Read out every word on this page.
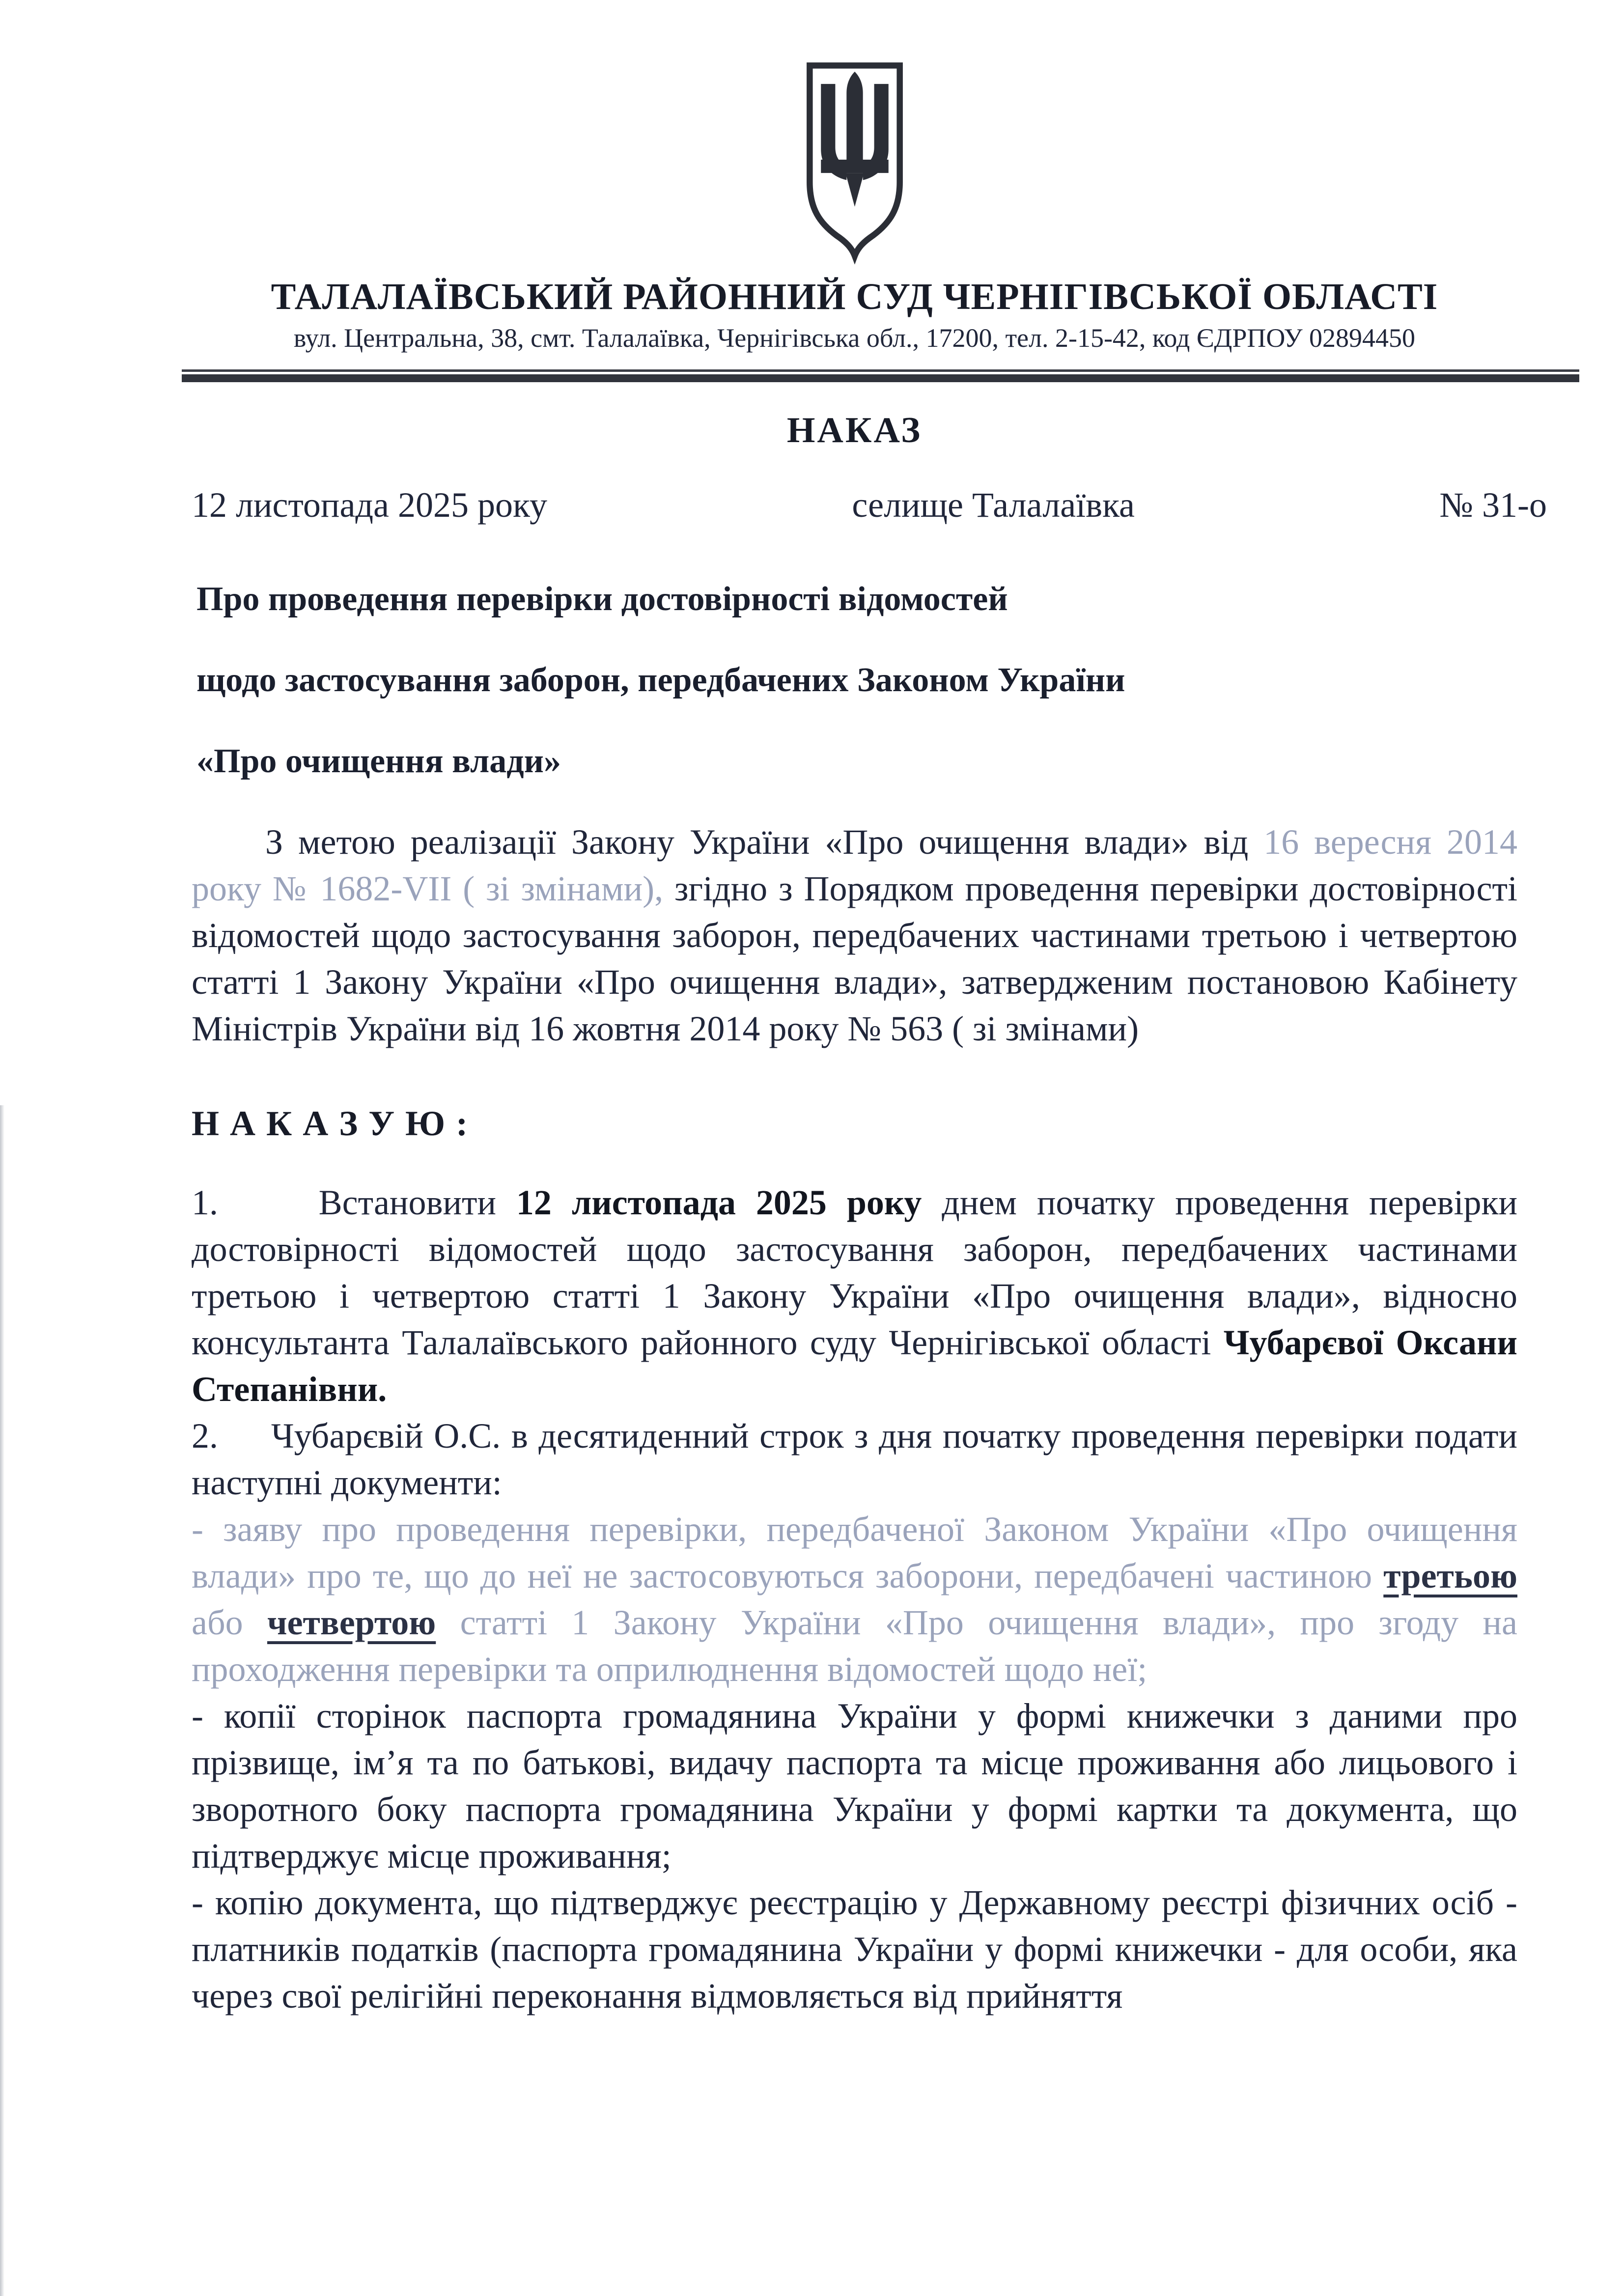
ТАЛАЛАЇВСЬКИЙ РАЙОННИЙ СУД ЧЕРНІГІВСЬКОЇ ОБЛАСТІ
вул. Центральна, 38, смт. Талалаївка, Чернігівська обл., 17200, тел. 2-15-42, код ЄДРПОУ 02894450
НАКАЗ
12 листопада 2025 року	селище Талалаївка	№ 31-о

Про проведення перевірки достовірності відомостей

щодо застосування заборон, передбачених Законом України

«Про очищення влади»

З метою реалізації Закону України «Про очищення влади» від 16 вересня 2014 року № 1682-VII ( зі змінами), згідно з Порядком проведення перевірки достовірності відомостей щодо застосування заборон, передбачених частинами третьою і четвертою статті 1 Закону України «Про очищення влади», затвердженим постановою Кабінету Міністрів України від 16 жовтня 2014 року № 563 ( зі змінами)

Н А К А З У Ю :

1.     Встановити 12 листопада 2025 року днем початку проведення перевірки достовірності відомостей щодо застосування заборон, передбачених частинами третьою і четвертою статті 1 Закону України «Про очищення влади», відносно консультанта Талалаївського районного суду Чернігівської області Чубарєвої Оксани Степанівни.

2.     Чубарєвій О.С. в десятиденний строк з дня початку проведення перевірки подати наступні документи:

- заяву про проведення перевірки, передбаченої Законом України «Про очищення влади» про те, що до неї не застосовуються заборони, передбачені частиною третьою або четвертою статті 1 Закону України «Про очищення влади», про згоду на проходження перевірки та оприлюднення відомостей щодо неї;

- копії сторінок паспорта громадянина України у формі книжечки з даними про прізвище, ім’я та по батькові, видачу паспорта та місце проживання або лицьового і зворотного боку паспорта громадянина України у формі картки та документа, що підтверджує місце проживання;

- копію документа, що підтверджує реєстрацію у Державному реєстрі фізичних осіб - платників податків (паспорта громадянина України у формі книжечки - для особи, яка через свої релігійні переконання відмовляється від прийняття
